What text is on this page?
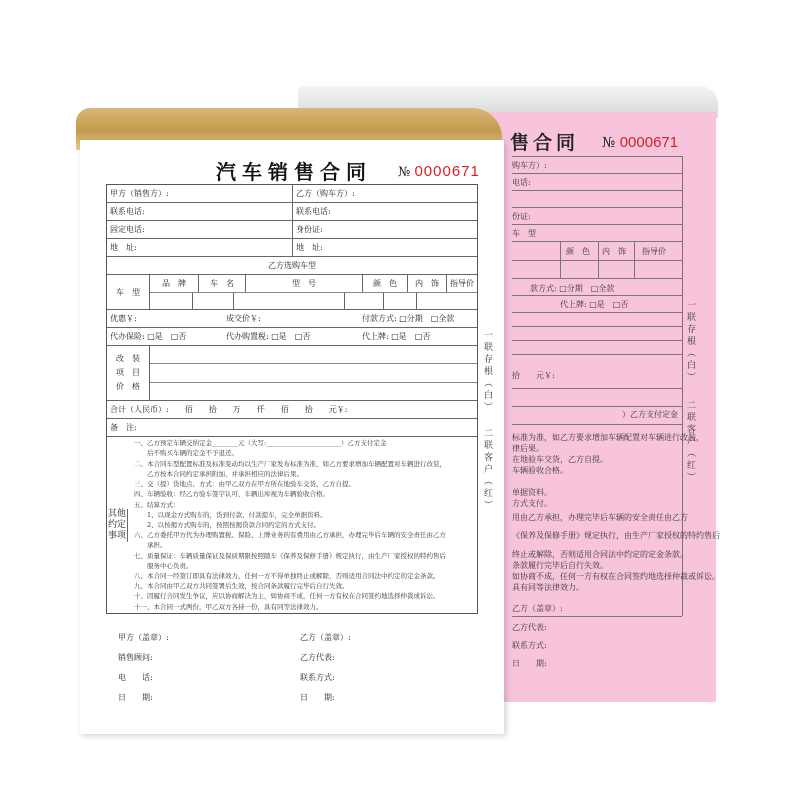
售合同 № 0000671
购车方）:
电话:
份证:
车　型
颜　色 内　饰 指导价
款方式: □分期　□全款
代上牌: □是　□否
拾　　元￥:
）乙方支付定金
标准为准，如乙方要求增加车辆配置对车辆进行改装，
律后果。
在地验车交货，乙方自提。
车辆验收合格。
单据资料。
方式支付。
用由乙方承担，办理完毕后车辆的安全责任由乙方
《保养及保修手册》规定执行，由生产厂家授权的特约售后
终止或解除，否则适用合同法中约定的定金条款。
条款履行完毕后自行失效。
如协商不成，任何一方有权在合同签约地选择仲裁或诉讼。
具有同等法律效力。
乙方（盖章）:
乙方代表:
联系方式:
日　　期:
一联存根（白）
二联客户（红）
汽车销售合同 № 0000671
甲方（销售方）:	乙方（购车方）:
联系电话:	联系电话:
固定电话:	身份证:
地　址:	地　址:
乙方选购车型
车　型
品　牌	车　名	型　号	颜　色	内　饰	指导价
优惠￥:	成交价￥:	付款方式: □分期　□全款
代办保险: □是　□否	代办购置税: □是　□否	代上牌: □是　□否
改　装
项　目
价　格
合计（人民币）:　　佰　　拾　　万　　仟　　佰　　拾　　元￥:
备　注:
其他约定事项

一、乙方预定车辆交纳定金________元（大写:_______________________）乙方支付定金

　　后不购买车辆的定金不予退还。

二、本合同车型配置标准及标准变动均以生产厂家发布标准为准，如乙方要求增加车辆配置对车辆进行改装，

　　乙方按本合同约定承担附加，并承担相应的法律后果。

三、交（提）货地点、方式：由甲乙双方在甲方所在地验车交货，乙方自提。

四、车辆验收：经乙方验车签字认可，车辆出库视为车辆验收合格。

五、结算方式：

　　1、以现金方式购车的，货到付款、付款提车，完全单据资料。

　　2、以按揭方式购车的，按照按揭贷款合同约定的方式支付。

六、乙方委托甲方代为办理购置税、保险、上牌业务的有费用由乙方承担，办理完毕后车辆的安全责任由乙方

　　承担。

七、质量保证：车辆质量保证及保质期限按照随车《保养及保修手册》规定执行，由生产厂家授权的特约售后

　　服务中心负责。

八、本合同一经签订即具有法律效力，任何一方不得单独终止或解除，否则适用合同法中约定的定金条款。

九、本合同由甲乙双方共同签署后生效，按合同条款履行完毕后自行失效。

十、因履行合同发生争议，应以协商解决为主，如协商不成，任何一方有权在合同签约地选择仲裁或诉讼。

十一、本合同一式两份，甲乙双方各持一份，具有同等法律效力。

一联存根（白）
二联客户（红）
甲方（盖章）:	乙方（盖章）:
销售顾问:	乙方代表:
电　　话:	联系方式:
日　　期:	日　　期:
